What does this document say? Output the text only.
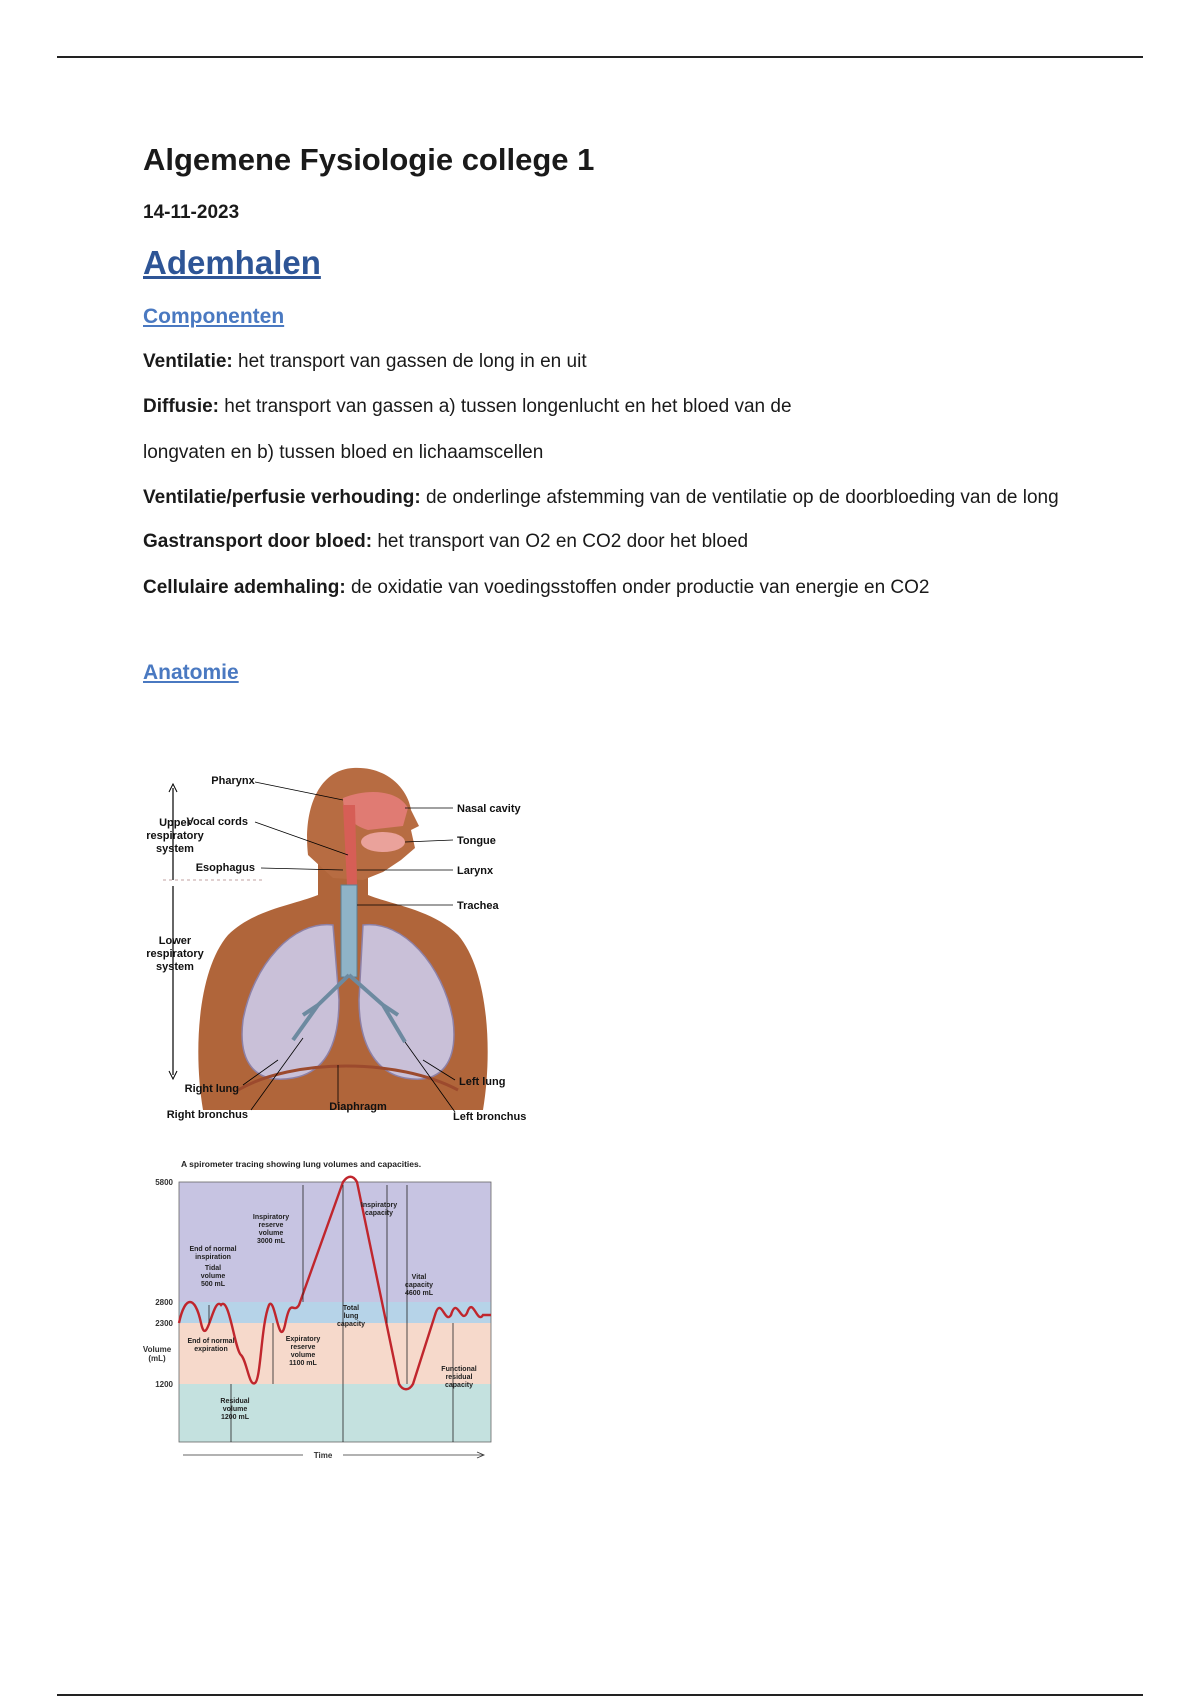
Algemene Fysiologie college 1

14-11-2023

Ademhalen
Componenten

Ventilatie: het transport van gassen de long in en uit

Diffusie: het transport van gassen a) tussen longenlucht en het bloed van de

longvaten en b) tussen bloed en lichaamscellen

Ventilatie/perfusie verhouding: de onderlinge afstemming van de ventilatie op de doorbloeding van de long

Gastransport door bloed: het transport van O2 en CO2 door het bloed

Cellulaire ademhaling: de oxidatie van voedingsstoffen onder productie van energie en CO2

Anatomie
Pharynx
Upper
respiratory
system
Vocal cords
Esophagus
Nasal cavity
Tongue
Larynx
Trachea
Lower
respiratory
system
Right lung
Right bronchus
Diaphragm
Left lung
Left bronchus
A spirometer tracing showing lung volumes and capacities.
5800
2800
2300
1200
Volume
(mL)
Inspiratory
reserve
volume
3000 mL
Inspiratory
capacity
End of normal
inspiration
Tidal
volume
500 mL
Vital
capacity
4600 mL
Total
lung
capacity
End of normal
expiration
Expiratory
reserve
volume
1100 mL
Functional
residual
capacity
Residual
volume
1200 mL
Time
